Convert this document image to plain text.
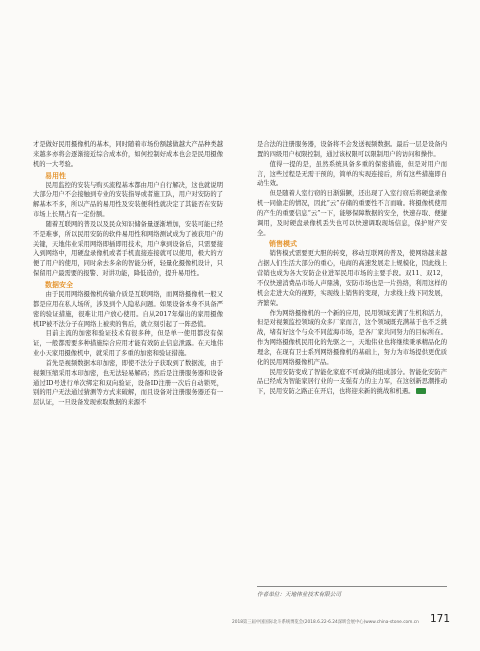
才是做好民用摄像机的基本，同时随着市场份额越做越大产品种类越来越多亦将会逐渐接近综合成本价，如何控制好成本也会是民用摄像机的一大考验。

易用性

民用监控的安装与购买流程基本都由用户自行解决，这也就说明大部分用户不会接触到专业的安装指导或者施工队，用户对安防的了解基本不多，所以产品的易用性及安装便利性就决定了其能否在安防市场上长期占有一定份额。

随着互联网的普及以及民众知识储备量逐渐增加，安装可能已经不是难事，所以民用安防的软件易用性和网络测试成为了被获用户的关键，天地伟业采用网络即插即用技术，用户拿到设备后，只需要接入到网络中，用硬盘录像机或者手机直接连接就可以使用，极大的方便了用户的使用，同时余去多余的智能分析，轻量化摄像机设计，只保留用户最需要的报警、对讲功能，降低造价，提升易用性。

数据安全

由于民用网络摄像机传输介质是互联网络，而网络摄像机一般又都是应用在私人场所，涉及到个人隐私问题。如果设备本身不具备严密的验证措施，很难让用户放心使用。自从2017年爆出的家用摄像机IP被不法分子在网络上被卖的售后，就立刻引起了一阵恐慌。

目前主流的加密和验证技术有很多种，但是单一使用都没有保证，一般都需要多种措施综合应用才能有效防止信息泄露。在天地伟业小天家用摄像机中，就采用了多重的加密和验证措施。

首先是视频数据本印加密，即使不法分子获取到了数据流，由于视频压缩采用本印加密，也无法轻易解码；然后是注册服务器和设备通过ID号进行单次绑定和双向验证，设备ID注册一次后自动锁死，别的用户无法通过猜测等方式来破解，而且设备对注册服务器还有一层认证，一旦设备发现索取数据的来源不

是合法的注册服务器，设备将不会发送视频数据。最后一层是设备内置的四级用户权限控制，通过该权限可以限制用户的访问和操作。

值得一提的是，虽然系统具备多重的保密措施，但是对用户而言，这些过程是无需干预的，简单的实现连接后，所有这些措施即自动生效。

但是随着人室行窃的日渐猖獗，还出现了入室行窃后将硬盘录像机一同偷走的情况，因此“云”存储的重要性不言而喻。将摄像机使用的产生的重要信息“云”一下，能够保障数据的安全，快速存取、便捷调用，及时硬盘录像机丢失也可以快速调取现场信息，保护财产安全。

销售模式

销售模式需要更大胆的转变，移动互联网的普及，使网络越来越占据人们生活大部分的重心，电商的高速发展走上规模化，因此线上营销也成为各大安防企业进军民用市场的主要手段。双11、双12，不仅快速消费品市场人声鼎沸，安防市场也是一片热络，利用这样的机会走进大众的视野，实现线上销售的变现，力求线上线下同发展，齐繁荣。

作为网络摄像机的一个新的应用，民用领域充满了生机和活力，但是对视频监控领域的众多厂家而言，这个领域既充满基于也不乏挑战，堵有好这个与众不同蓝海市场，是各厂家共同努力的目标所在。作为网络摄像机民用化的先驱之一，天地伟业也将继续秉承精品化的理念，在现有卫士系列网络摄像机的基础上，努力为市场提供更优质化的民用网络摄像机产品。

民用安防变成了智能化家庭不可或缺的组成部分。智能化安防产品已经成为智能家居行业的一支强有力的主力军，在这创新思潮推动下，民用安防之路正在开启，也将迎来新的挑战和机遇。

作者单位：天地伟业技术有限公司
2018第三届中国国际北斗系统博览会(2018.6.22-6.24深圳会展中心)www.china-stone.com.cn 171
